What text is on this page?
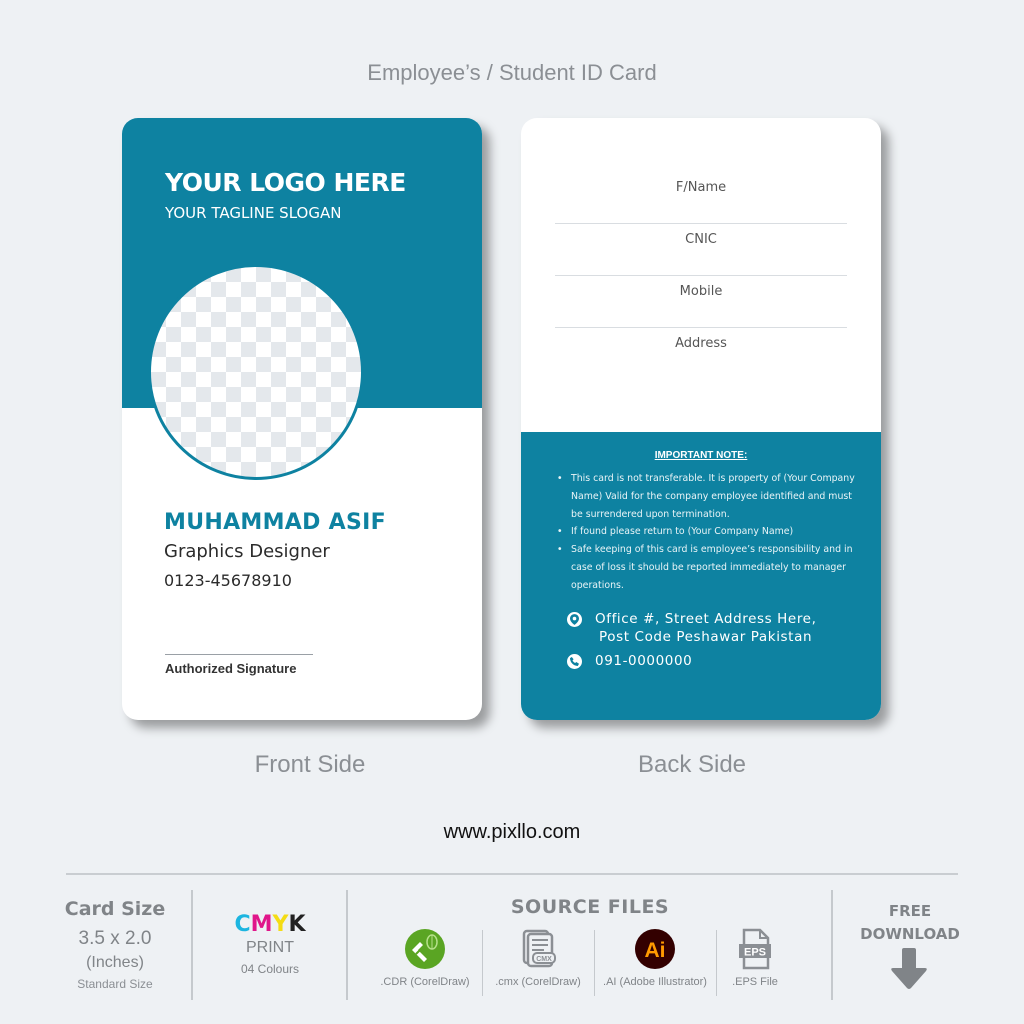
Employee’s / Student ID Card
YOUR LOGO HERE
YOUR TAGLINE SLOGAN
MUHAMMAD ASIF
Graphics Designer
0123-45678910
Authorized Signature
F/Name
CNIC
Mobile
Address
IMPORTANT NOTE:
• This card is not transferable. It is property of (Your Company Name) Valid for the company employee identified and must be surrendered upon termination.
• If found please return to (Your Company Name)
• Safe keeping of this card is employee’s responsibility and in case of loss it should be reported immediately to manager operations.
Office #, Street Address Here,
Post Code Peshawar Pakistan
091-0000000
Front Side	Back Side
www.pixllo.com
Card Size
3.5 x 2.0
(Inches)
Standard Size
CMYK
PRINT
04 Colours
SOURCE FILES
.CDR (CorelDraw)
CMX
.cmx (CorelDraw)
Ai
.AI (Adobe Illustrator)
EPS
.EPS File
FREE
DOWNLOAD
